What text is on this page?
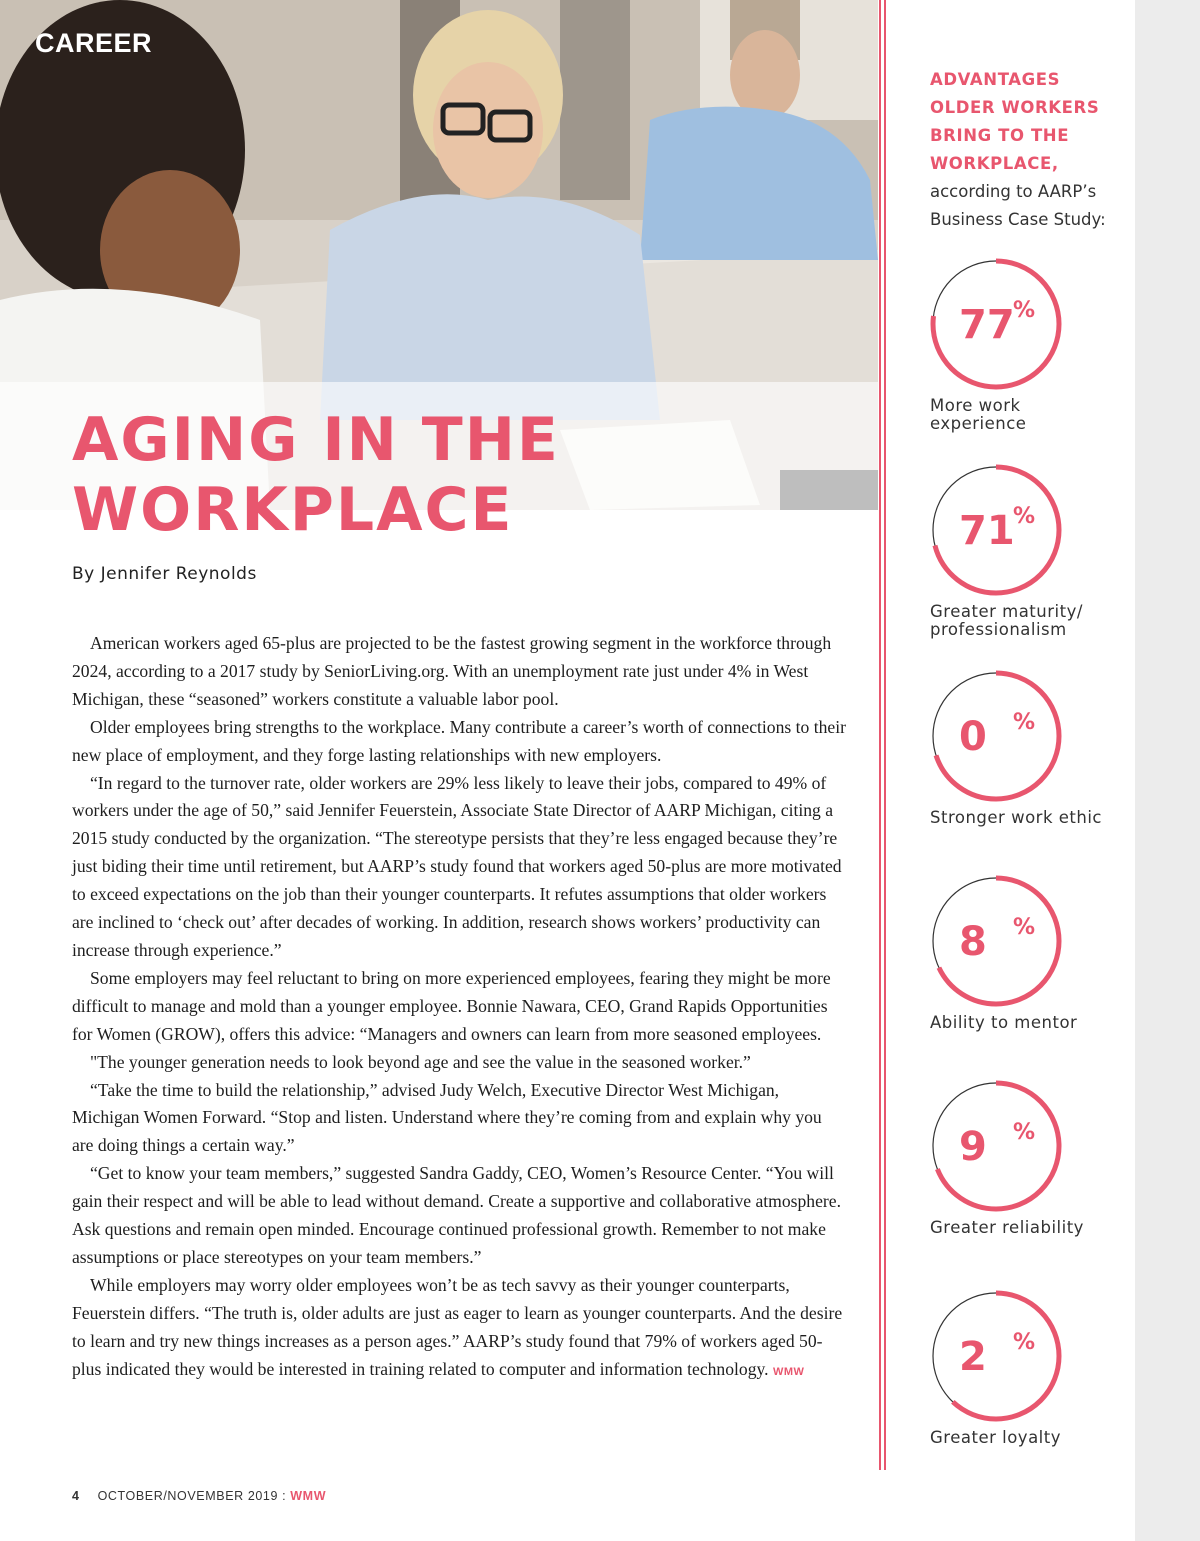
CAREER
AGING IN THE
WORKPLACE
By Jennifer Reynolds

American workers aged 65-plus are projected to be the fastest growing segment in the workforce through 2024, according to a 2017 study by SeniorLiving.org. With an unemployment rate just under 4% in West Michigan, these “seasoned” workers constitute a valuable labor pool.

Older employees bring strengths to the workplace. Many contribute a career’s worth of connections to their new place of employment, and they forge lasting relationships with new employers.

“In regard to the turnover rate, older workers are 29% less likely to leave their jobs, compared to 49% of workers under the age of 50,” said Jennifer Feuerstein, Associate State Director of AARP Michigan, citing a 2015 study conducted by the organization. “The stereotype persists that they’re less engaged because they’re just biding their time until retirement, but AARP’s study found that workers aged 50-plus are more motivated to exceed expectations on the job than their younger counterparts. It refutes assumptions that older workers are inclined to ‘check out’ after decades of working. In addition, research shows workers’ productivity can increase through experience.”

Some employers may feel reluctant to bring on more experienced employees, fearing they might be more difficult to manage and mold than a younger employee. Bonnie Nawara, CEO, Grand Rapids Opportunities for Women (GROW), offers this advice: “Managers and owners can learn from more seasoned employees.

"The younger generation needs to look beyond age and see the value in the seasoned worker.”

“Take the time to build the relationship,” advised Judy Welch, Executive Director West Michigan, Michigan Women Forward. “Stop and listen. Understand where they’re coming from and explain why you are doing things a certain way.”

“Get to know your team members,” suggested Sandra Gaddy, CEO, Women’s Resource Center. “You will gain their respect and will be able to lead without demand. Create a supportive and collaborative atmosphere. Ask questions and remain open minded. Encourage continued professional growth. Remember to not make assumptions or place stereotypes on your team members.”

While employers may worry older employees won’t be as tech savvy as their younger counterparts, Feuerstein differs. “The truth is, older adults are just as eager to learn as younger counterparts. And the desire to learn and try new things increases as a person ages.” AARP’s study found that 79% of workers aged 50-plus indicated they would be interested in training related to computer and information technology. WMW

ADVANTAGES OLDER WORKERS BRING TO THE WORKPLACE,
according to AARP’s Business Case Study:
77
%
More work experience
71
%
Greater maturity/ professionalism
0 %
Stronger work ethic
8 %
Ability to mentor
9 %
Greater reliability
2 %
Greater loyalty
4 OCTOBER/NOVEMBER 2019 : WMW
